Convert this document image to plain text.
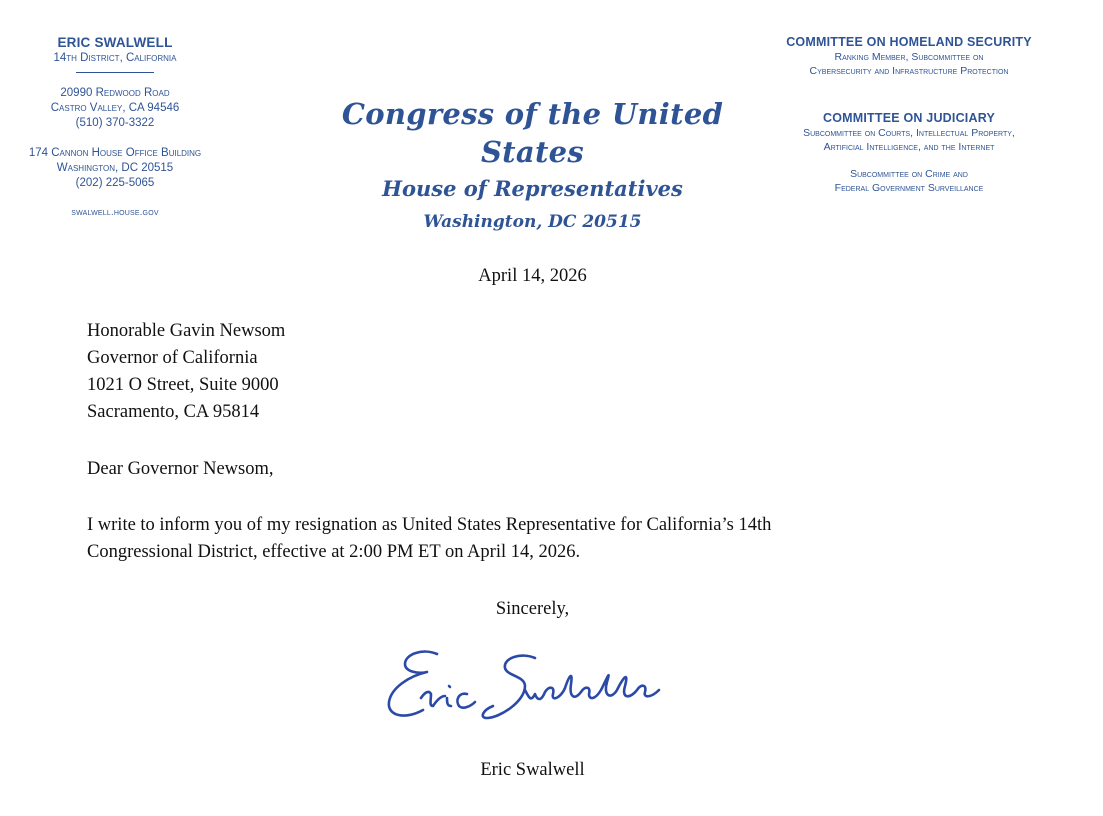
ERIC SWALWELL
14th District, California
20990 Redwood Road
Castro Valley, CA 94546
(510) 370-3322
174 Cannon House Office Building
Washington, DC 20515
(202) 225-5065
swalwell.house.gov
Congress of the United States
House of Representatives
Washington, DC 20515
COMMITTEE ON HOMELAND SECURITY
Ranking Member, Subcommittee on
Cybersecurity and Infrastructure Protection
COMMITTEE ON JUDICIARY
Subcommittee on Courts, Intellectual Property,
Artificial Intelligence, and the Internet
Subcommittee on Crime and
Federal Government Surveillance
April 14, 2026
Honorable Gavin Newsom
Governor of California
1021 O Street, Suite 9000
Sacramento, CA 95814
Dear Governor Newsom,
I write to inform you of my resignation as United States Representative for California’s 14th
Congressional District, effective at 2:00 PM ET on April 14, 2026.
Sincerely,
Eric Swalwell
